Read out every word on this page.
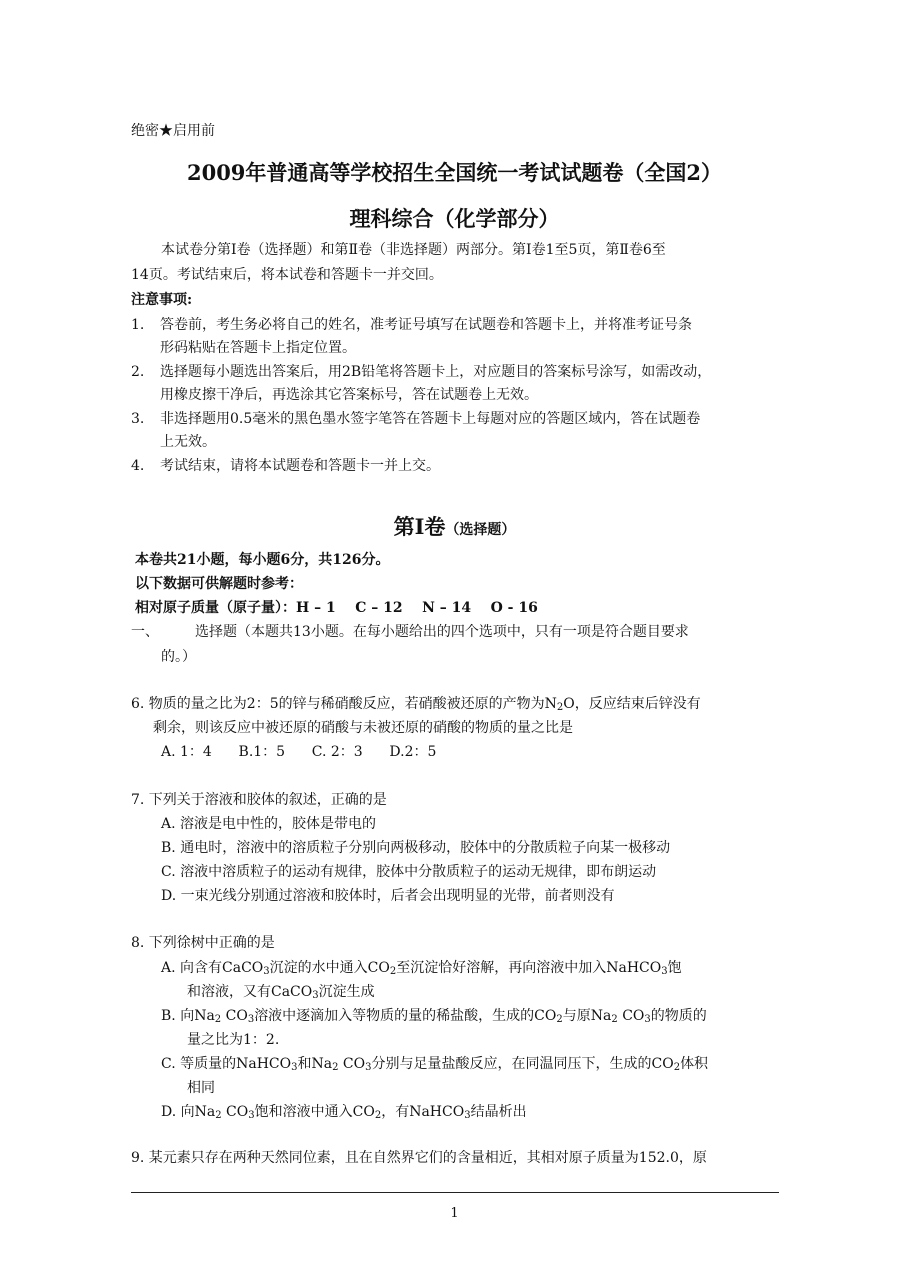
绝密★启用前
2009年普通高等学校招生全国统一考试试题卷（全国2）
理科综合（化学部分）
本试卷分第Ⅰ卷（选择题）和第Ⅱ卷（非选择题）两部分。第Ⅰ卷1至5页，第Ⅱ卷6至
14页。考试结束后，将本试卷和答题卡一并交回。
注意事项:
1. 答卷前，考生务必将自己的姓名，准考证号填写在试题卷和答题卡上，并将准考证号条
形码粘贴在答题卡上指定位置。
2. 选择题每小题选出答案后，用2B铅笔将答题卡上，对应题目的答案标号涂写，如需改动，
用橡皮擦干净后，再选涂其它答案标号，答在试题卷上无效。
3. 非选择题用0.5毫米的黑色墨水签字笔答在答题卡上每题对应的答题区域内，答在试题卷
上无效。
4. 考试结束，请将本试题卷和答题卡一并上交。
第Ⅰ卷（选择题）
本卷共21小题，每小题6分，共126分。
以下数据可供解题时参考：
相对原子质量（原子量）：H – 1    C – 12    N – 14    O - 16
一、	选择题（本题共13小题。在每小题给出的四个选项中，只有一项是符合题目要求
的。）
6. 物质的量之比为2：5的锌与稀硝酸反应，若硝酸被还原的产物为$N_2O$，反应结束后锌没有
剩余，则该反应中被还原的硝酸与未被还原的硝酸的物质的量之比是
A. 1：4      B.1：5      C. 2：3      D.2：5
7. 下列关于溶液和胶体的叙述，正确的是
A. 溶液是电中性的，胶体是带电的
B. 通电时，溶液中的溶质粒子分别向两极移动，胶体中的分散质粒子向某一极移动
C. 溶液中溶质粒子的运动有规律，胶体中分散质粒子的运动无规律，即布朗运动
D. 一束光线分别通过溶液和胶体时，后者会出现明显的光带，前者则没有
8. 下列徐树中正确的是
A. 向含有CaCO$_3$沉淀的水中通入$CO_2$至沉淀恰好溶解，再向溶液中加入NaHCO$_3$饱
和溶液，又有CaCO$_3$沉淀生成
B. 向$Na_2$ $CO_3$溶液中逐滴加入等物质的量的稀盐酸，生成的$CO_2$与原$Na_2$ $CO_3$的物质的
量之比为1：2.
C. 等质量的NaHCO$_3$和$Na_2$ $CO_3$分别与足量盐酸反应，在同温同压下，生成的$CO_2$体积
相同
D. 向$Na_2$ $CO_3$饱和溶液中通入$CO_2$，有NaHCO$_3$结晶析出
9. 某元素只存在两种天然同位素，且在自然界它们的含量相近，其相对原子质量为152.0，原
1
